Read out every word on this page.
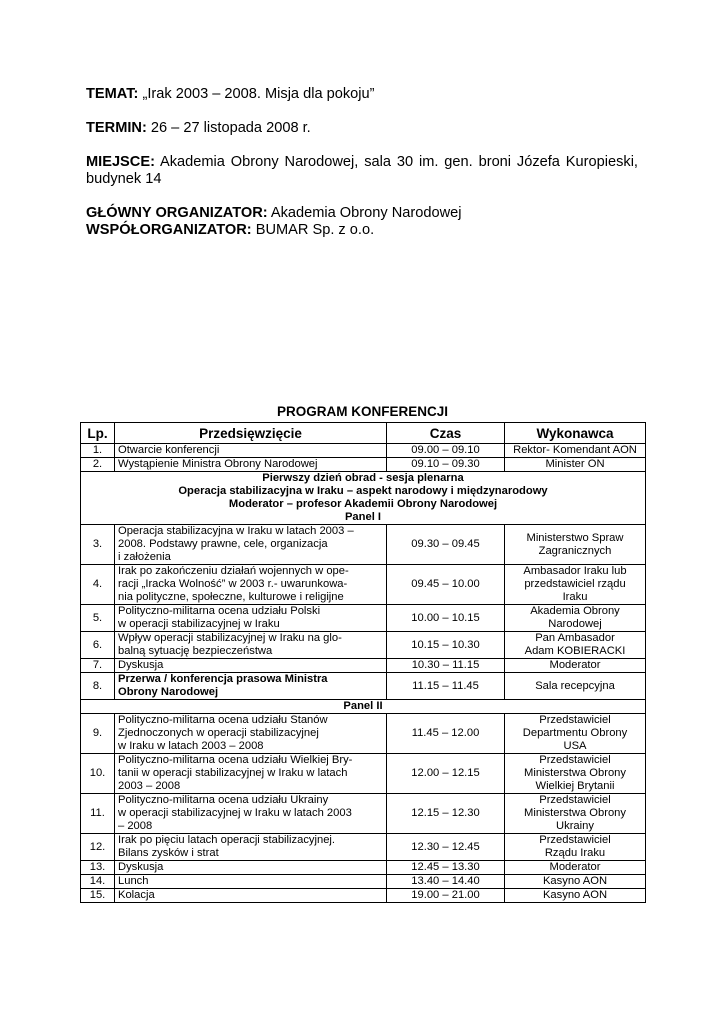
TEMAT: „Irak 2003 – 2008. Misja dla pokoju”
TERMIN: 26 – 27 listopada 2008 r.
MIEJSCE: Akademia Obrony Narodowej, sala 30 im. gen. broni Józefa Kuropieski,
budynek 14
GŁÓWNY ORGANIZATOR: Akademia Obrony Narodowej
WSPÓŁORGANIZATOR: BUMAR Sp. z o.o.
PROGRAM KONFERENCJI
Lp.	Przedsięwzięcie	Czas	Wykonawca
1.	Otwarcie konferencji	09.00 – 09.10	Rektor- Komendant AON

2.	Wystąpienie Ministra Obrony Narodowej	09.10 – 09.30	Minister ON

Pierwszy dzień obrad - sesja plenarna
Operacja stabilizacyjna w Iraku – aspekt narodowy i międzynarodowy
Moderator – profesor Akademii Obrony Narodowej
Panel I			

3.	Operacja stabilizacyjna w Iraku w latach 2003 –
2008. Podstawy prawne, cele, organizacja
i założenia	09.30 – 09.45	Ministerstwo Spraw
Zagranicznych

4.	Irak po zakończeniu działań wojennych w ope-
racji „Iracka Wolność” w 2003 r.- uwarunkowa-
nia polityczne, społeczne, kulturowe i religijne	09.45 – 10.00	Ambasador Iraku lub
przedstawiciel rządu
Iraku

5.	Polityczno-militarna ocena udziału Polski
w operacji stabilizacyjnej w Iraku	10.00 – 10.15	Akademia Obrony
Narodowej

6.	Wpływ operacji stabilizacyjnej w Iraku na glo-
balną sytuację bezpieczeństwa	10.15 – 10.30	Pan Ambasador
Adam KOBIERACKI

7.	Dyskusja	10.30 – 11.15	Moderator

8.	Przerwa / konferencja prasowa Ministra
Obrony Narodowej	11.15 – 11.45	Sala recepcyjna

Panel II			
9.	Polityczno-militarna ocena udziału Stanów
Zjednoczonych w operacji stabilizacyjnej
w Iraku w latach 2003 – 2008	11.45 – 12.00	Przedstawiciel
Departmentu Obrony
USA

10.	Polityczno-militarna ocena udziału Wielkiej Bry-
tanii w operacji stabilizacyjnej w Iraku w latach
2003 – 2008	12.00 – 12.15	Przedstawiciel
Ministerstwa Obrony
Wielkiej Brytanii

11.	Polityczno-militarna ocena udziału Ukrainy
w operacji stabilizacyjnej w Iraku w latach 2003
– 2008	12.15 – 12.30	Przedstawiciel
Ministerstwa Obrony
Ukrainy

12.	Irak po pięciu latach operacji stabilizacyjnej.
Bilans zysków i strat	12.30 – 12.45	Przedstawiciel
Rządu Iraku

13.	Dyskusja	12.45 – 13.30	Moderator

14.	Lunch	13.40 – 14.40	Kasyno AON

15.	Kolacja	19.00 – 21.00	Kasyno AON
